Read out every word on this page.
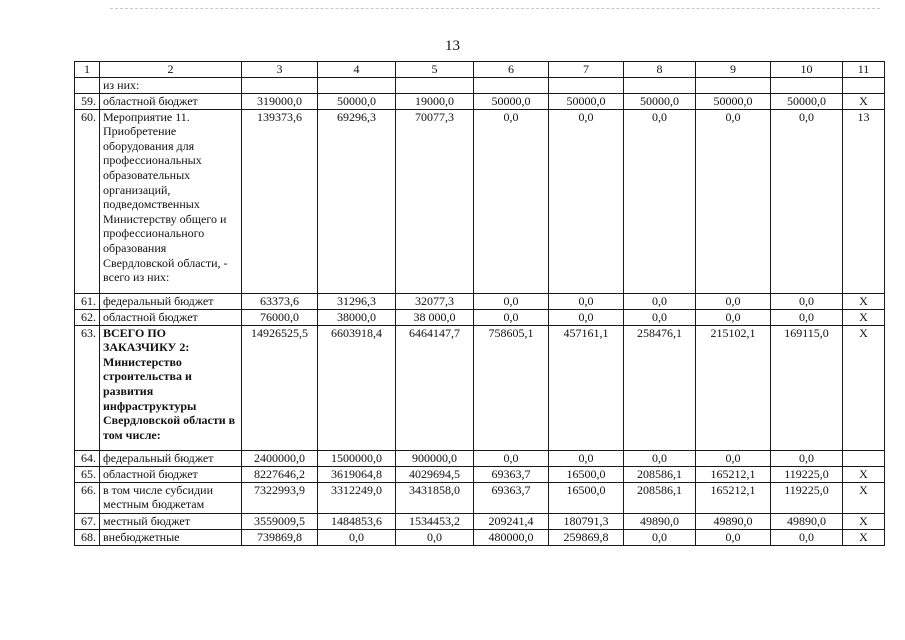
13
1	2	3	4	5	6	7	8	9	10	11
	из них:									
59.	областной бюджет	319000,0	50000,0	19000,0	50000,0	50000,0	50000,0	50000,0	50000,0	X
60.	Мероприятие 11. Приобретение оборудования для профессиональных образовательных организаций, подведомственных Министерству общего и профессионального образования Свердловской области, - всего из них:	139373,6	69296,3	70077,3	0,0	0,0	0,0	0,0	0,0	13
61.	федеральный бюджет	63373,6	31296,3	32077,3	0,0	0,0	0,0	0,0	0,0	X
62.	областной бюджет	76000,0	38000,0	38 000,0	0,0	0,0	0,0	0,0	0,0	X
63.	ВСЕГО ПО ЗАКАЗЧИКУ 2: Министерство строительства и развития инфраструктуры Свердловской области в том числе:	14926525,5	6603918,4	6464147,7	758605,1	457161,1	258476,1	215102,1	169115,0	X
64.	федеральный бюджет	2400000,0	1500000,0	900000,0	0,0	0,0	0,0	0,0	0,0	
65.	областной бюджет	8227646,2	3619064,8	4029694,5	69363,7	16500,0	208586,1	165212,1	119225,0	X
66.	в том числе субсидии местным бюджетам	7322993,9	3312249,0	3431858,0	69363,7	16500,0	208586,1	165212,1	119225,0	X
67.	местный бюджет	3559009,5	1484853,6	1534453,2	209241,4	180791,3	49890,0	49890,0	49890,0	X
68.	внебюджетные	739869,8	0,0	0,0	480000,0	259869,8	0,0	0,0	0,0	X
